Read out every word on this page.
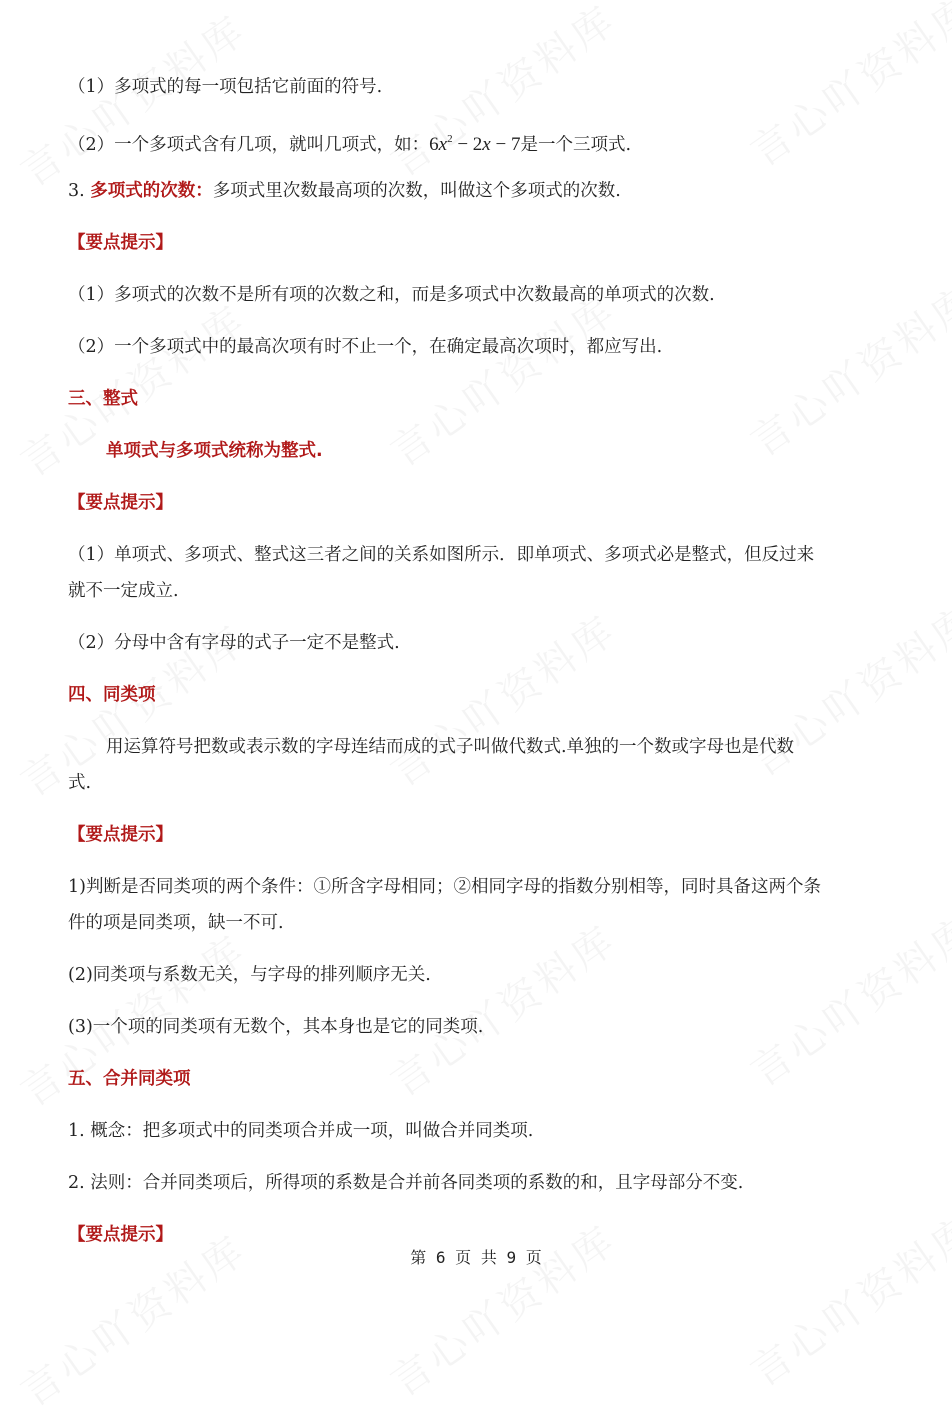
（1）多项式的每一项包括它前面的符号.
（2）一个多项式含有几项，就叫几项式，如：$6x^2 - 2x - 7$是一个三项式.
3. 多项式的次数：多项式里次数最高项的次数，叫做这个多项式的次数.
【要点提示】
（1）多项式的次数不是所有项的次数之和，而是多项式中次数最高的单项式的次数.
（2）一个多项式中的最高次项有时不止一个，在确定最高次项时，都应写出.
三、整式
单项式与多项式统称为整式.
【要点提示】
（1）单项式、多项式、整式这三者之间的关系如图所示．即单项式、多项式必是整式，但反过来
就不一定成立.
（2）分母中含有字母的式子一定不是整式.
四、同类项
用运算符号把数或表示数的字母连结而成的式子叫做代数式.单独的一个数或字母也是代数
式.
【要点提示】
1)判断是否同类项的两个条件：①所含字母相同；②相同字母的指数分别相等，同时具备这两个条
件的项是同类项，缺一不可.
(2)同类项与系数无关，与字母的排列顺序无关.
(3)一个项的同类项有无数个，其本身也是它的同类项.
五、合并同类项
1. 概念：把多项式中的同类项合并成一项，叫做合并同类项.
2. 法则：合并同类项后，所得项的系数是合并前各同类项的系数的和，且字母部分不变.
【要点提示】
第 6 页 共 9 页
